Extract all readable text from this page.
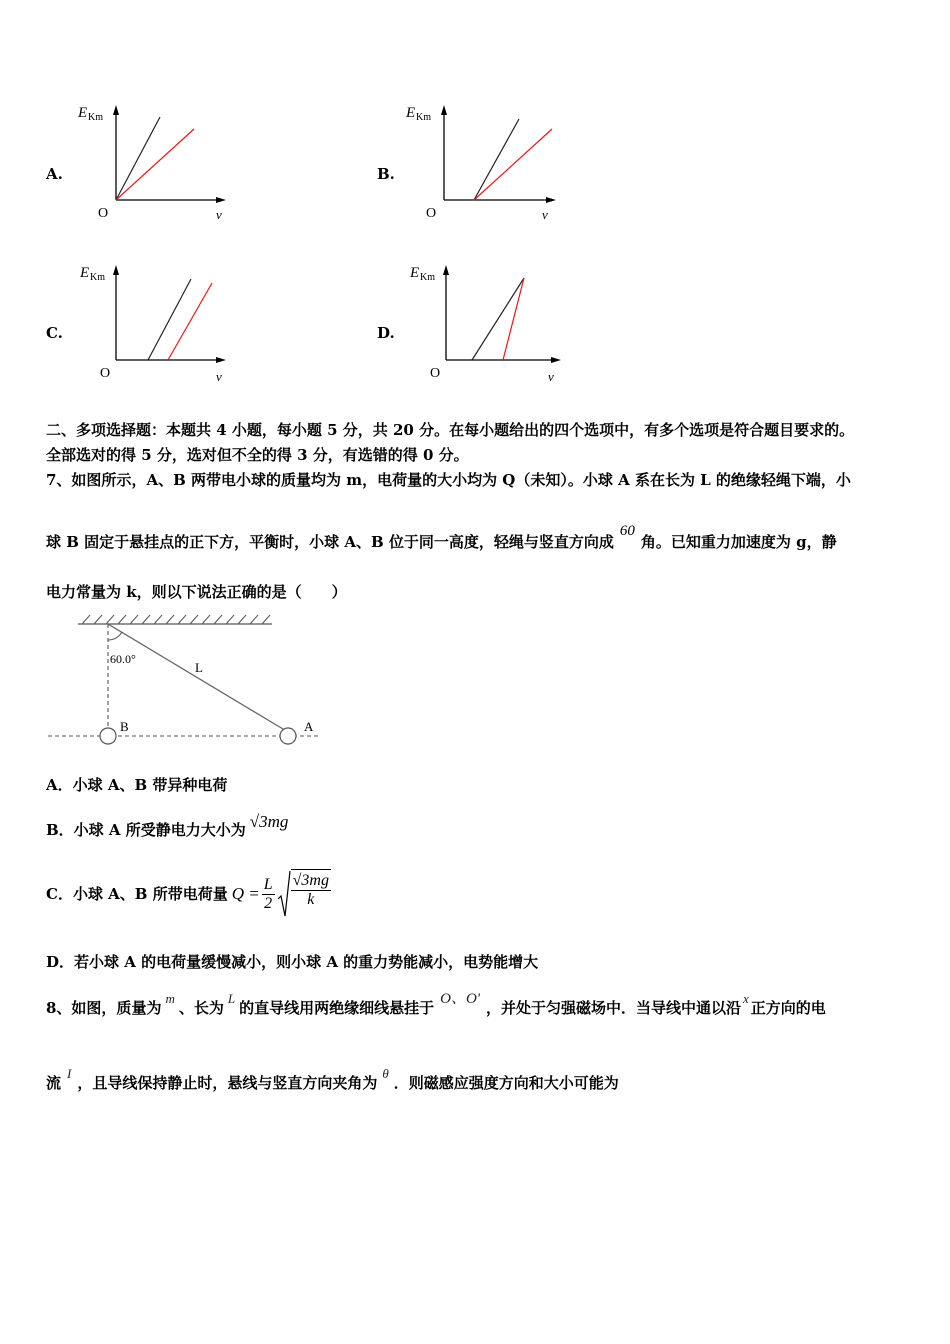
A.	B.
C.	D.
E Km
O	v
E Km
O	v
E Km
O	v
E Km
O	v
二、多项选择题：本题共 4 小题，每小题 5 分，共 20 分。在每小题给出的四个选项中，有多个选项是符合题目要求的。
全部选对的得 5 分，选对但不全的得 3 分，有选错的得 0 分。
7、如图所示，A、B 两带电小球的质量均为 m，电荷量的大小均为 Q（未知）。小球 A 系在长为 L 的绝缘轻绳下端，小
球 B 固定于悬挂点的正下方，平衡时，小球 A、B 位于同一高度，轻绳与竖直方向成60角。已知重力加速度为 g，静
电力常量为 k，则以下说法正确的是（　　）
60.0°
L
B	A
A．小球 A、B 带异种电荷
B．小球 A 所受静电力大小为 √3mg
C．小球 A、B 所带电荷量 $Q = \frac{L}{2} \frac{√3mg}{k}$
D．若小球 A 的电荷量缓慢减小，则小球 A 的重力势能减小，电势能增大
8、如图，质量为m、长为L的直导线用两绝缘细线悬挂于 O、O' ，并处于匀强磁场中．当导线中通以沿x正方向的电
流I，且导线保持静止时，悬线与竖直方向夹角为θ．则磁感应强度方向和大小可能为
